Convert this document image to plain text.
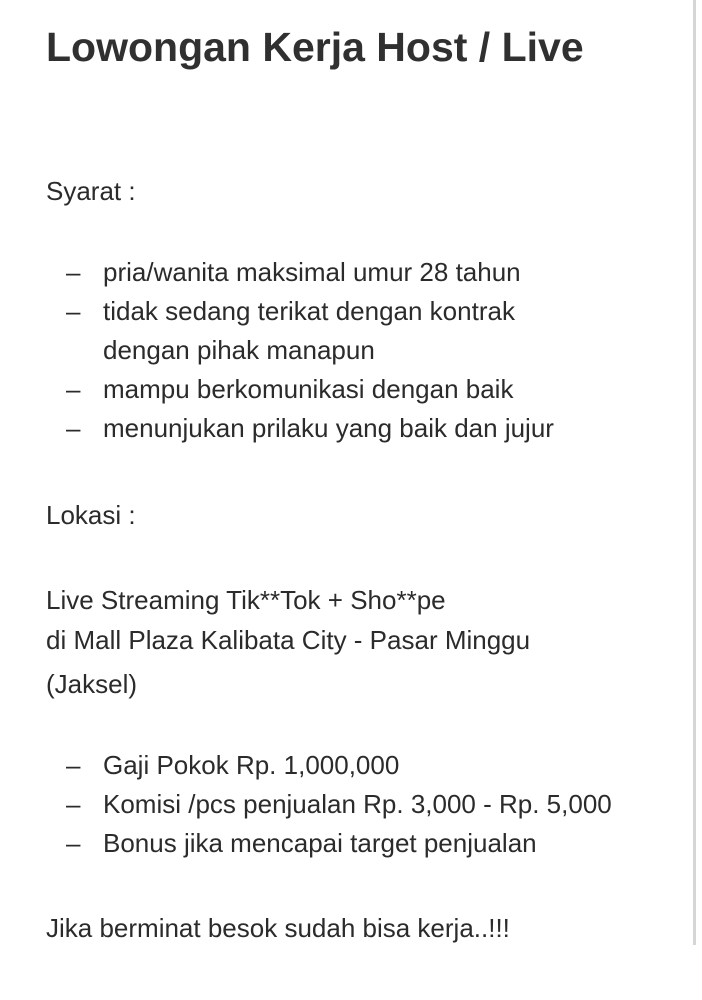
Lowongan Kerja Host / Live
Syarat :
– pria/wanita maksimal umur 28 tahun
– tidak sedang terikat dengan kontrak
dengan pihak manapun
– mampu berkomunikasi dengan baik
– menunjukan prilaku yang baik dan jujur
Lokasi :
Live Streaming Tik**Tok + Sho**pe
di Mall Plaza Kalibata City - Pasar Minggu
(Jaksel)
– Gaji Pokok Rp. 1,000,000
– Komisi /pcs penjualan Rp. 3,000 - Rp. 5,000
– Bonus jika mencapai target penjualan
Jika berminat besok sudah bisa kerja..!!!
